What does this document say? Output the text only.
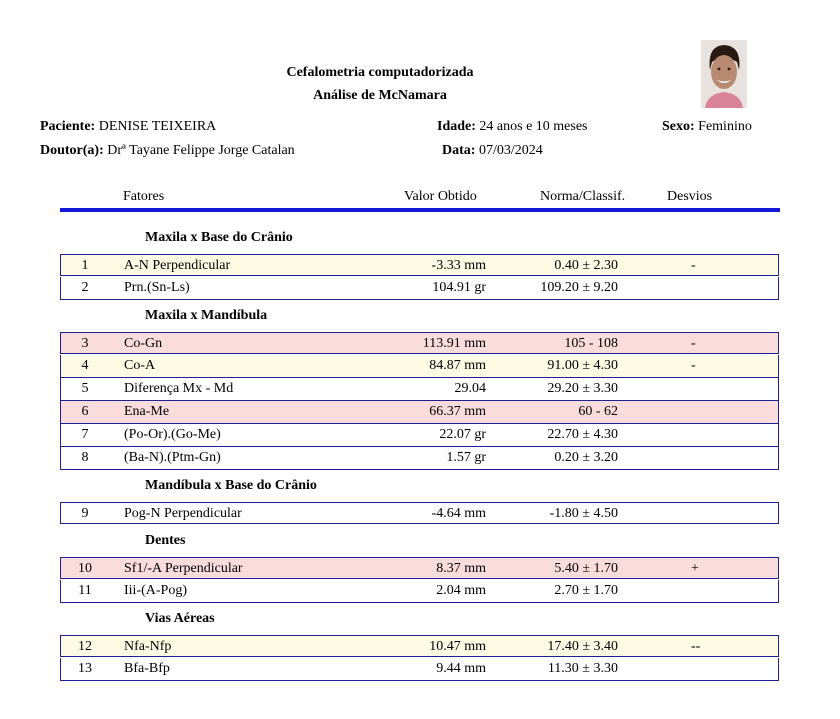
Cefalometria computadorizada
Análise de McNamara
Paciente: DENISE TEIXEIRA	Idade: 24 anos e 10 meses	Sexo: Feminino
Doutor(a): Drª Tayane Felippe Jorge Catalan	Data: 07/03/2024
Fatores	Valor Obtido	Norma/Classif.	Desvios
Maxila x Base do Crânio
1	A-N Perpendicular	-3.33 mm	0.40 ± 2.30	-
2	Prn.(Sn-Ls)	104.91 gr	109.20 ± 9.20
Maxila x Mandíbula
3	Co-Gn	113.91 mm	105 - 108	-
4	Co-A	84.87 mm	91.00 ± 4.30	-
5	Diferença Mx - Md	29.04	29.20 ± 3.30
6	Ena-Me	66.37 mm	60 - 62
7	(Po-Or).(Go-Me)	22.07 gr	22.70 ± 4.30
8	(Ba-N).(Ptm-Gn)	1.57 gr	0.20 ± 3.20
Mandíbula x Base do Crânio
9	Pog-N Perpendicular	-4.64 mm	-1.80 ± 4.50
Dentes
10	Sf1/-A Perpendicular	8.37 mm	5.40 ± 1.70	+
11	Iii-(A-Pog)	2.04 mm	2.70 ± 1.70
Vias Aéreas
12	Nfa-Nfp	10.47 mm	17.40 ± 3.40	--
13	Bfa-Bfp	9.44 mm	11.30 ± 3.30
